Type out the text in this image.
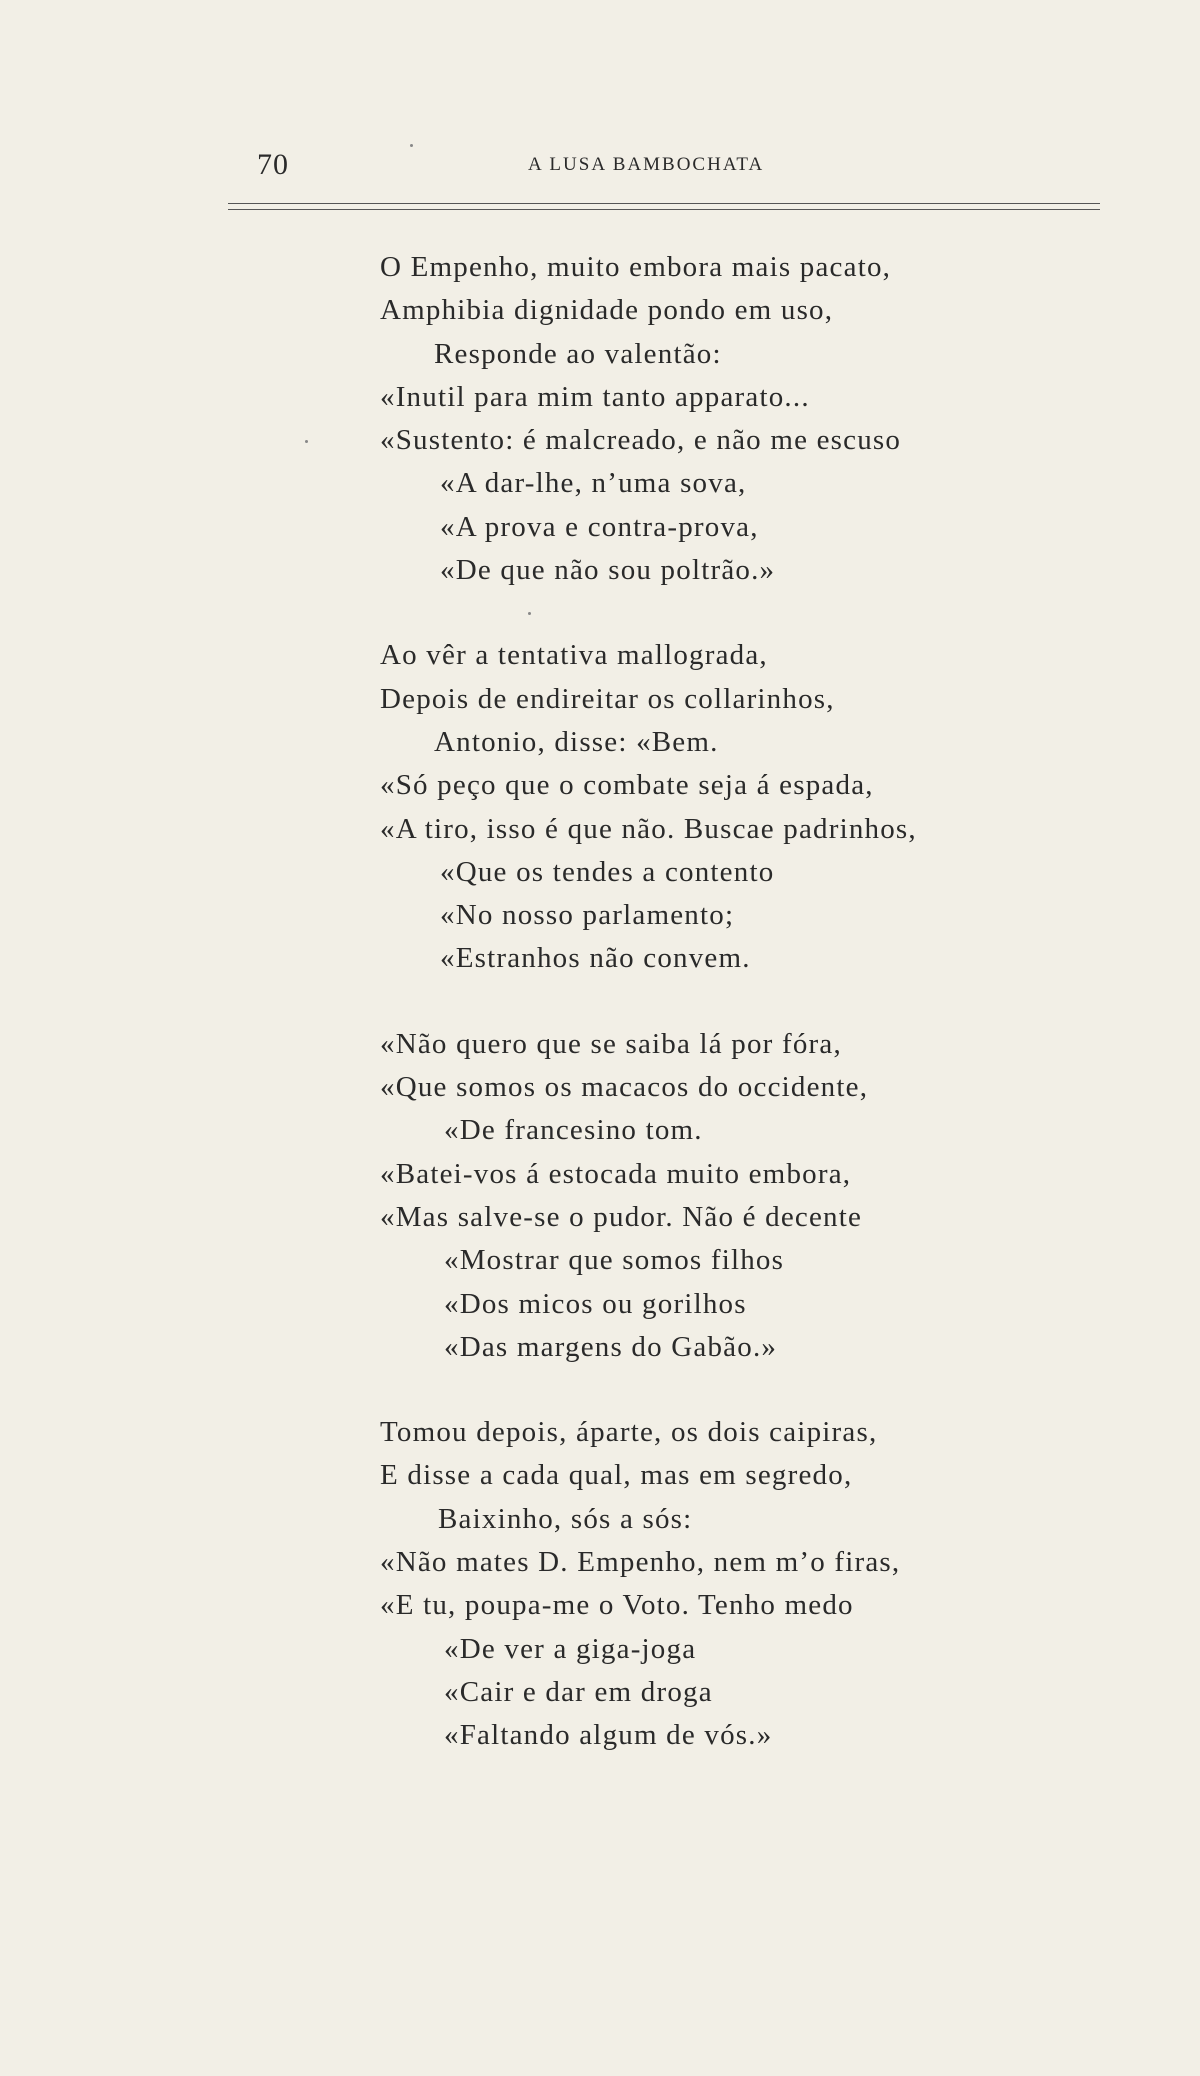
70	A LUSA BAMBOCHATA
O Empenho, muito embora mais pacato,
Amphibia dignidade pondo em uso,
Responde ao valentão:
«Inutil para mim tanto apparato...
«Sustento: é malcreado, e não me escuso
«A dar-lhe, n’uma sova,
«A prova e contra-prova,
«De que não sou poltrão.»
Ao vêr a tentativa mallograda,
Depois de endireitar os collarinhos,
Antonio, disse: «Bem.
«Só peço que o combate seja á espada,
«A tiro, isso é que não. Buscae padrinhos,
«Que os tendes a contento
«No nosso parlamento;
«Estranhos não convem.
«Não quero que se saiba lá por fóra,
«Que somos os macacos do occidente,
«De francesino tom.
«Batei-vos á estocada muito embora,
«Mas salve-se o pudor. Não é decente
«Mostrar que somos filhos
«Dos micos ou gorilhos
«Das margens do Gabão.»
Tomou depois, áparte, os dois caipiras,
E disse a cada qual, mas em segredo,
Baixinho, sós a sós:
«Não mates D. Empenho, nem m’o firas,
«E tu, poupa-me o Voto. Tenho medo
«De ver a giga-joga
«Cair e dar em droga
«Faltando algum de vós.»
